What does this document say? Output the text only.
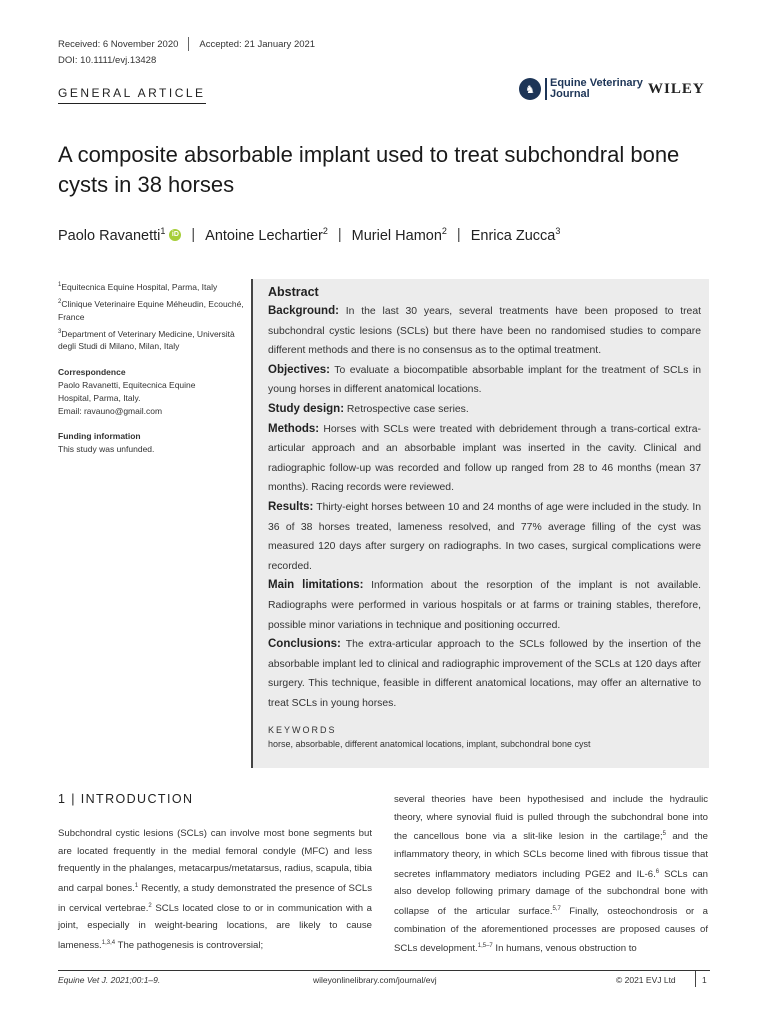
Received: 6 November 2020 Accepted: 21 January 2021
DOI: 10.1111/evj.13428
GENERAL ARTICLE	♞
Equine Veterinary
Journal	WILEY
A composite absorbable implant used to treat subchondral bone cysts in 38 horses
Paolo Ravanetti$^1$ iD | Antoine Lechartier$^2$ | Muriel Hamon$^2$ | Enrica Zucca$^3$

$^1$Equitecnica Equine Hospital, Parma, Italy

$^2$Clinique Veterinaire Equine Méheudin, Ecouché, France

$^3$Department of Veterinary Medicine, Università degli Studi di Milano, Milan, Italy

Correspondence
Paolo Ravanetti, Equitecnica Equine
Hospital, Parma, Italy.
Email: ravauno@gmail.com
Funding information
This study was unfunded.
Abstract

Background: In the last 30 years, several treatments have been proposed to treat subchondral cystic lesions (SCLs) but there have been no randomised studies to compare different methods and there is no consensus as to the optimal treatment.

Objectives: To evaluate a biocompatible absorbable implant for the treatment of SCLs in young horses in different anatomical locations.

Study design: Retrospective case series.

Methods: Horses with SCLs were treated with debridement through a trans-cortical extra-articular approach and an absorbable implant was inserted in the cavity. Clinical and radiographic follow-up was recorded and follow up ranged from 28 to 46 months (mean 37 months). Racing records were reviewed.

Results: Thirty-eight horses between 10 and 24 months of age were included in the study. In 36 of 38 horses treated, lameness resolved, and 77% average filling of the cyst was measured 120 days after surgery on radiographs. In two cases, surgical complications were recorded.

Main limitations: Information about the resorption of the implant is not available. Radiographs were performed in various hospitals or at farms or training stables, therefore, possible minor variations in technique and positioning occurred.

Conclusions: The extra-articular approach to the SCLs followed by the insertion of the absorbable implant led to clinical and radiographic improvement of the SCLs at 120 days after surgery. This technique, feasible in different anatomical locations, may offer an alternative to treat SCLs in young horses.

KEYWORDS
horse, absorbable, different anatomical locations, implant, subchondral bone cyst
1 | INTRODUCTION
Subchondral cystic lesions (SCLs) can involve most bone segments but are located frequently in the medial femoral condyle (MFC) and less frequently in the phalanges, metacarpus/metatarsus, radius, scapula, tibia and carpal bones.$^1$ Recently, a study demonstrated the presence of SCLs in cervical vertebrae.$^2$ SCLs located close to or in communication with a joint, especially in weight-bearing locations, are likely to cause lameness.$^{1,3,4}$ The pathogenesis is controversial;
several theories have been hypothesised and include the hydraulic theory, where synovial fluid is pulled through the subchondral bone into the cancellous bone via a slit-like lesion in the cartilage;$^5$ and the inflammatory theory, in which SCLs become lined with fibrous tissue that secretes inflammatory mediators including PGE2 and IL-6.$^6$ SCLs can also develop following primary damage of the subchondral bone with collapse of the articular surface.$^{5,7}$ Finally, osteochondrosis or a combination of the aforementioned processes are proposed causes of SCLs development.$^{1,5-7}$ In humans, venous obstruction to
Equine Vet J. 2021;00:1–9.	wileyonlinelibrary.com/journal/evj	© 2021 EVJ Ltd	1
